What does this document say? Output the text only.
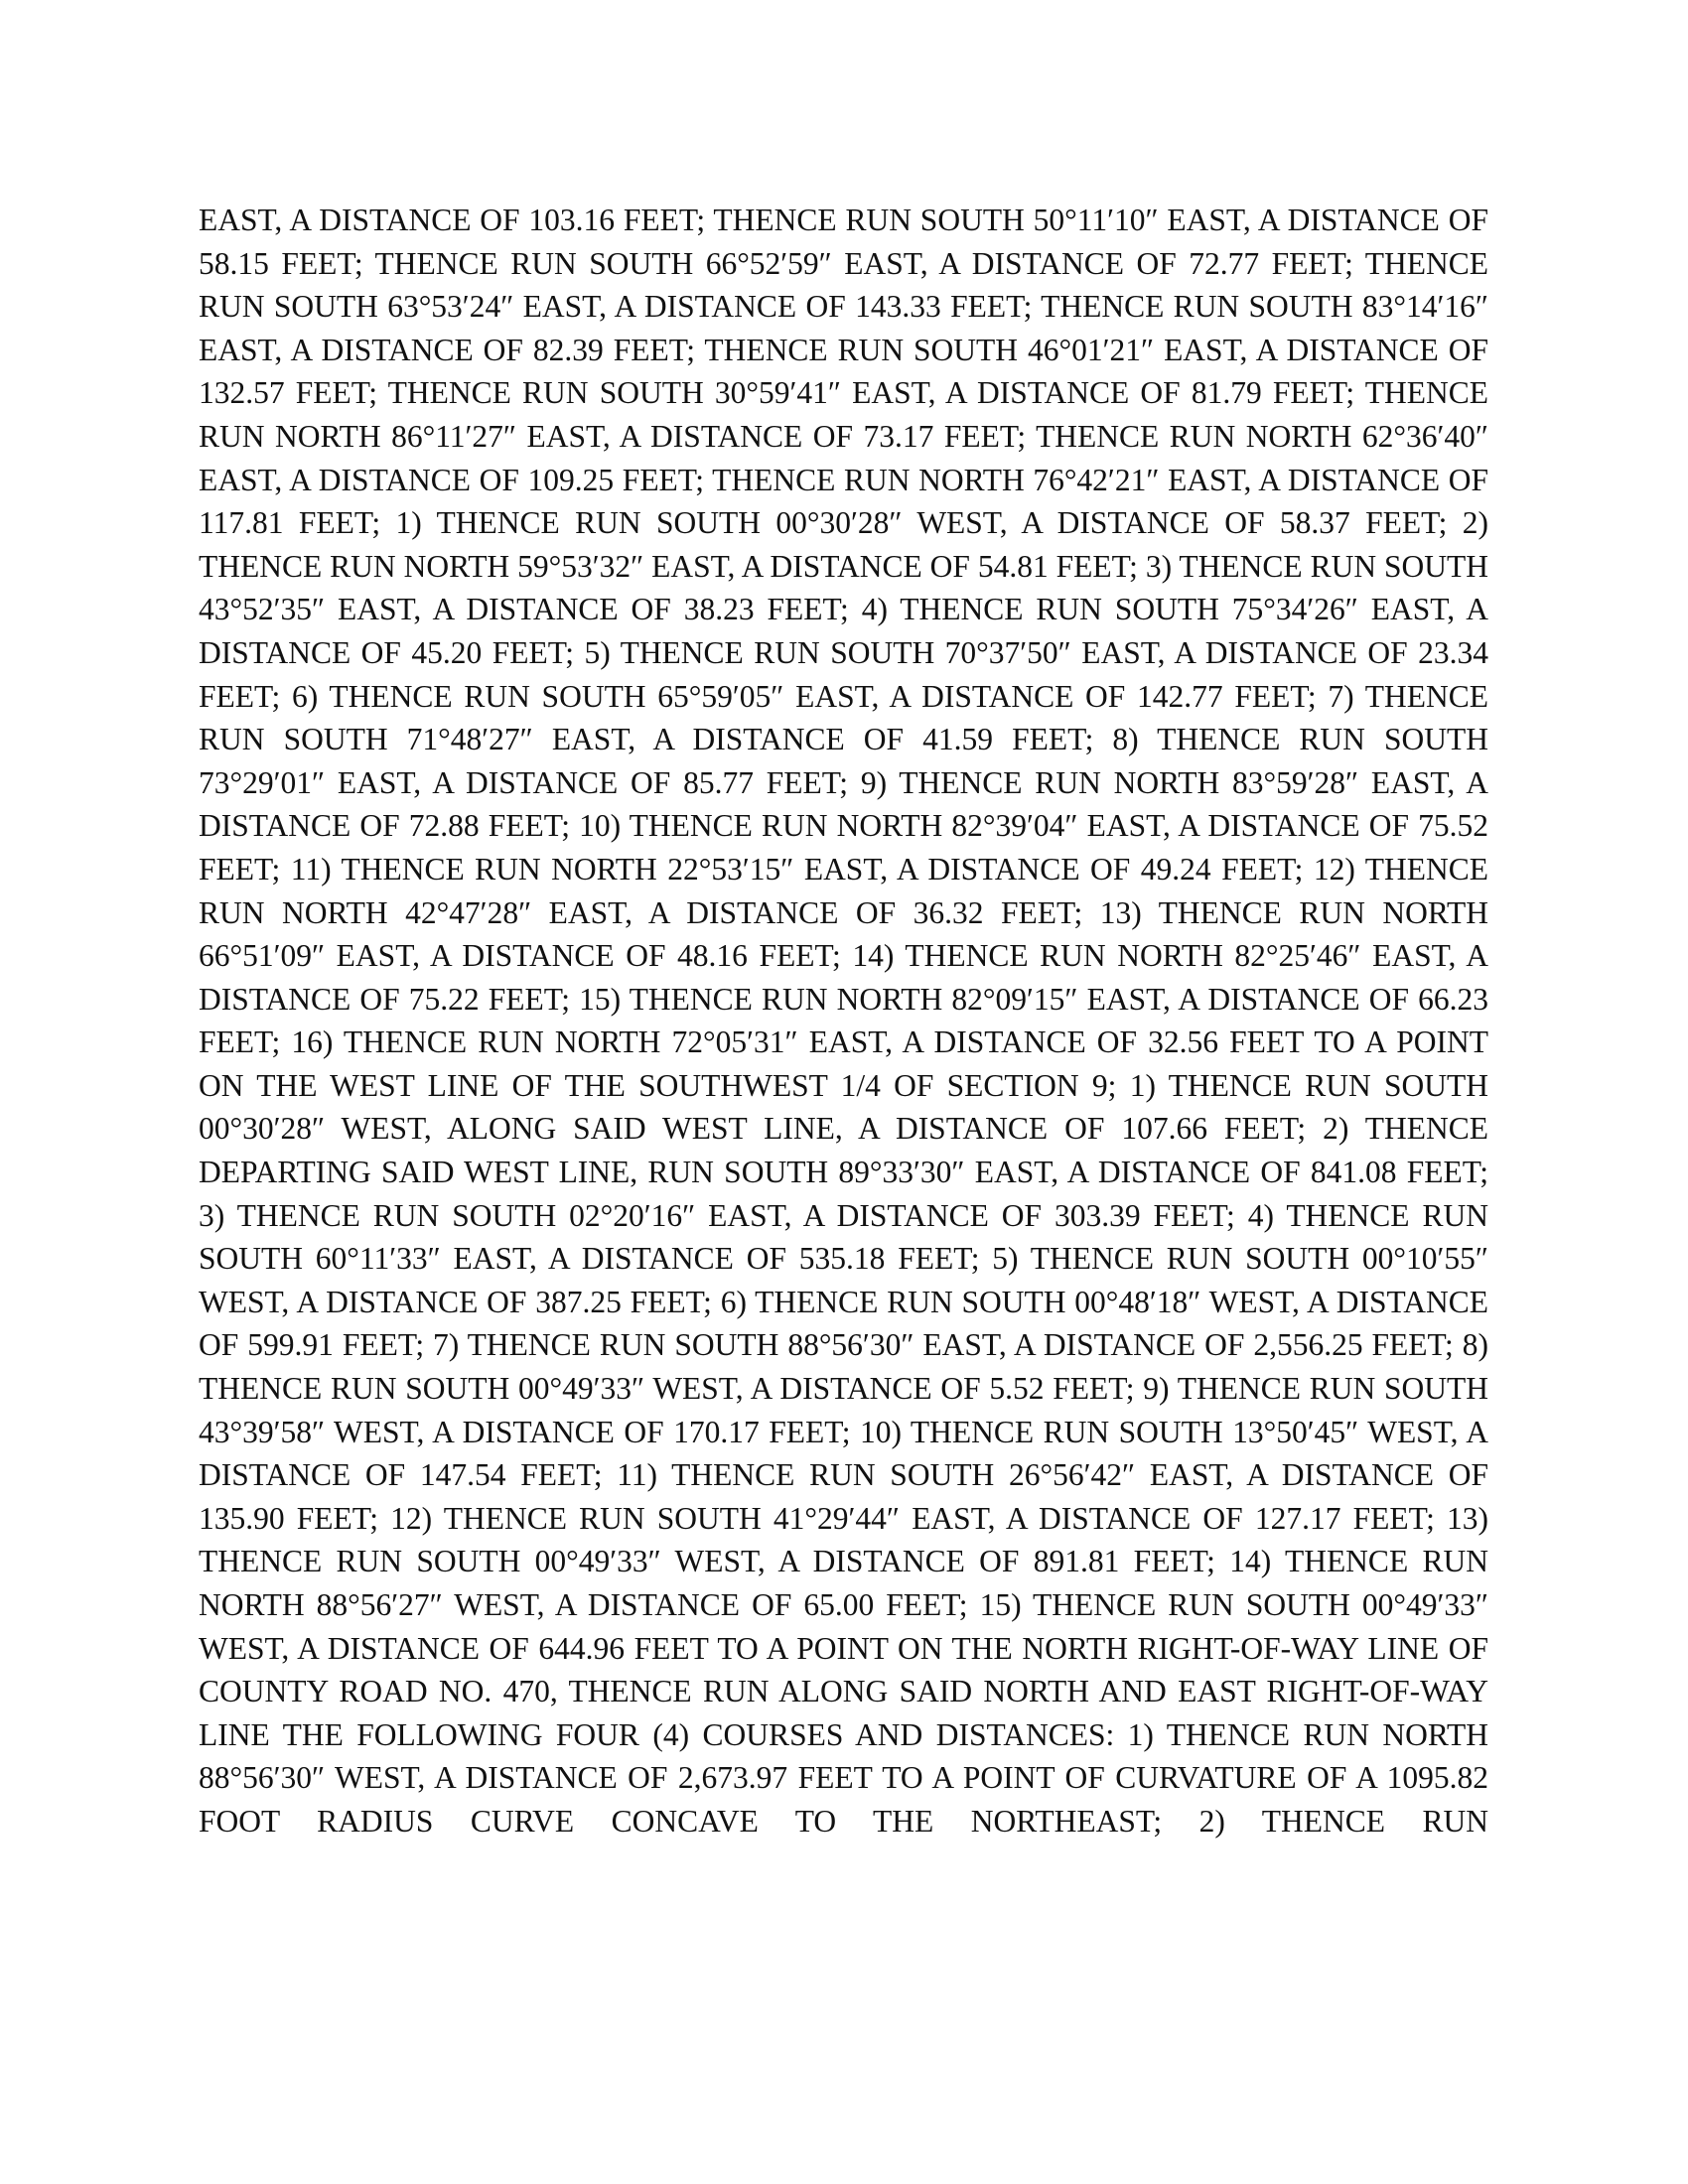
EAST, A DISTANCE OF 103.16 FEET; THENCE RUN SOUTH 50°11′10″ EAST, A DISTANCE OF 58.15 FEET; THENCE RUN SOUTH 66°52′59″ EAST, A DISTANCE OF 72.77 FEET; THENCE RUN SOUTH 63°53′24″ EAST, A DISTANCE OF 143.33 FEET; THENCE RUN SOUTH 83°14′16″ EAST, A DISTANCE OF 82.39 FEET; THENCE RUN SOUTH 46°01′21″ EAST, A DISTANCE OF 132.57 FEET; THENCE RUN SOUTH 30°59′41″ EAST, A DISTANCE OF 81.79 FEET; THENCE RUN NORTH 86°11′27″ EAST, A DISTANCE OF 73.17 FEET; THENCE RUN NORTH 62°36′40″ EAST, A DISTANCE OF 109.25 FEET; THENCE RUN NORTH 76°42′21″ EAST, A DISTANCE OF 117.81 FEET; 1) THENCE RUN SOUTH 00°30′28″ WEST, A DISTANCE OF 58.37 FEET; 2) THENCE RUN NORTH 59°53′32″ EAST, A DISTANCE OF 54.81 FEET; 3) THENCE RUN SOUTH 43°52′35″ EAST, A DISTANCE OF 38.23 FEET; 4) THENCE RUN SOUTH 75°34′26″ EAST, A DISTANCE OF 45.20 FEET; 5) THENCE RUN SOUTH 70°37′50″ EAST, A DISTANCE OF 23.34 FEET; 6) THENCE RUN SOUTH 65°59′05″ EAST, A DISTANCE OF 142.77 FEET; 7) THENCE RUN SOUTH 71°48′27″ EAST, A DISTANCE OF 41.59 FEET; 8) THENCE RUN SOUTH 73°29′01″ EAST, A DISTANCE OF 85.77 FEET; 9) THENCE RUN NORTH 83°59′28″ EAST, A DISTANCE OF 72.88 FEET; 10) THENCE RUN NORTH 82°39′04″ EAST, A DISTANCE OF 75.52 FEET; 11) THENCE RUN NORTH 22°53′15″ EAST, A DISTANCE OF 49.24 FEET; 12) THENCE RUN NORTH 42°47′28″ EAST, A DISTANCE OF 36.32 FEET; 13) THENCE RUN NORTH 66°51′09″ EAST, A DISTANCE OF 48.16 FEET; 14) THENCE RUN NORTH 82°25′46″ EAST, A DISTANCE OF 75.22 FEET; 15) THENCE RUN NORTH 82°09′15″ EAST, A DISTANCE OF 66.23 FEET; 16) THENCE RUN NORTH 72°05′31″ EAST, A DISTANCE OF 32.56 FEET TO A POINT ON THE WEST LINE OF THE SOUTHWEST 1/4 OF SECTION 9; 1) THENCE RUN SOUTH 00°30′28″ WEST, ALONG SAID WEST LINE, A DISTANCE OF 107.66 FEET; 2) THENCE DEPARTING SAID WEST LINE, RUN SOUTH 89°33′30″ EAST, A DISTANCE OF 841.08 FEET; 3) THENCE RUN SOUTH 02°20′16″ EAST, A DISTANCE OF 303.39 FEET; 4) THENCE RUN SOUTH 60°11′33″ EAST, A DISTANCE OF 535.18 FEET; 5) THENCE RUN SOUTH 00°10′55″ WEST, A DISTANCE OF 387.25 FEET; 6) THENCE RUN SOUTH 00°48′18″ WEST, A DISTANCE OF 599.91 FEET; 7) THENCE RUN SOUTH 88°56′30″ EAST, A DISTANCE OF 2,556.25 FEET; 8) THENCE RUN SOUTH 00°49′33″ WEST, A DISTANCE OF 5.52 FEET; 9) THENCE RUN SOUTH 43°39′58″ WEST, A DISTANCE OF 170.17 FEET; 10) THENCE RUN SOUTH 13°50′45″ WEST, A DISTANCE OF 147.54 FEET; 11) THENCE RUN SOUTH 26°56′42″ EAST, A DISTANCE OF 135.90 FEET; 12) THENCE RUN SOUTH 41°29′44″ EAST, A DISTANCE OF 127.17 FEET; 13) THENCE RUN SOUTH 00°49′33″ WEST, A DISTANCE OF 891.81 FEET; 14) THENCE RUN NORTH 88°56′27″ WEST, A DISTANCE OF 65.00 FEET; 15) THENCE RUN SOUTH 00°49′33″ WEST, A DISTANCE OF 644.96 FEET TO A POINT ON THE NORTH RIGHT-OF-WAY LINE OF COUNTY ROAD NO. 470, THENCE RUN ALONG SAID NORTH AND EAST RIGHT-OF-WAY LINE THE FOLLOWING FOUR (4) COURSES AND DISTANCES: 1) THENCE RUN NORTH 88°56′30″ WEST, A DISTANCE OF 2,673.97 FEET TO A POINT OF CURVATURE OF A 1095.82 FOOT RADIUS CURVE CONCAVE TO THE NORTHEAST; 2) THENCE RUN
